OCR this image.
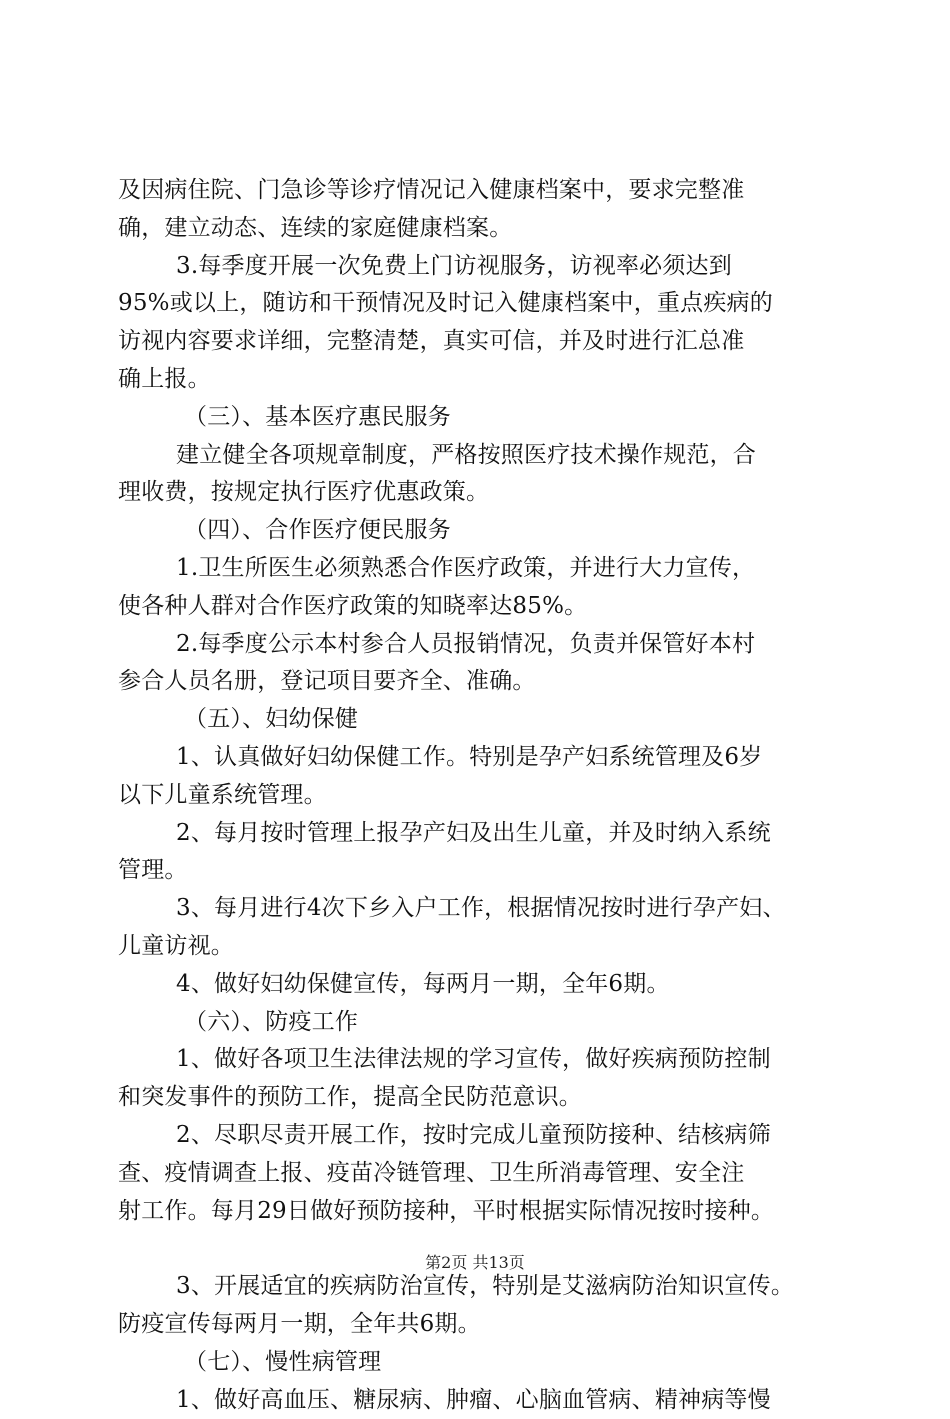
及因病住院、门急诊等诊疗情况记入健康档案中，要求完整准
确，建立动态、连续的家庭健康档案。
3.每季度开展一次免费上门访视服务，访视率必须达到
95%或以上，随访和干预情况及时记入健康档案中，重点疾病的
访视内容要求详细，完整清楚，真实可信，并及时进行汇总准
确上报。
（三）、基本医疗惠民服务
建立健全各项规章制度，严格按照医疗技术操作规范，合
理收费，按规定执行医疗优惠政策。
（四）、合作医疗便民服务
1.卫生所医生必须熟悉合作医疗政策，并进行大力宣传，
使各种人群对合作医疗政策的知晓率达85%。
2.每季度公示本村参合人员报销情况，负责并保管好本村
参合人员名册，登记项目要齐全、准确。
（五）、妇幼保健
1、认真做好妇幼保健工作。特别是孕产妇系统管理及6岁
以下儿童系统管理。
2、每月按时管理上报孕产妇及出生儿童，并及时纳入系统
管理。
3、每月进行4次下乡入户工作，根据情况按时进行孕产妇、
儿童访视。
4、做好妇幼保健宣传，每两月一期，全年6期。
（六）、防疫工作
1、做好各项卫生法律法规的学习宣传，做好疾病预防控制
和突发事件的预防工作，提高全民防范意识。
2、尽职尽责开展工作，按时完成儿童预防接种、结核病筛
查、疫情调查上报、疫苗冷链管理、卫生所消毒管理、安全注
射工作。每月29日做好预防接种，平时根据实际情况按时接种。
3、开展适宜的疾病防治宣传，特别是艾滋病防治知识宣传。
防疫宣传每两月一期，全年共6期。
（七）、慢性病管理
1、做好高血压、糖尿病、肿瘤、心脑血管病、精神病等慢
第2页 共13页
